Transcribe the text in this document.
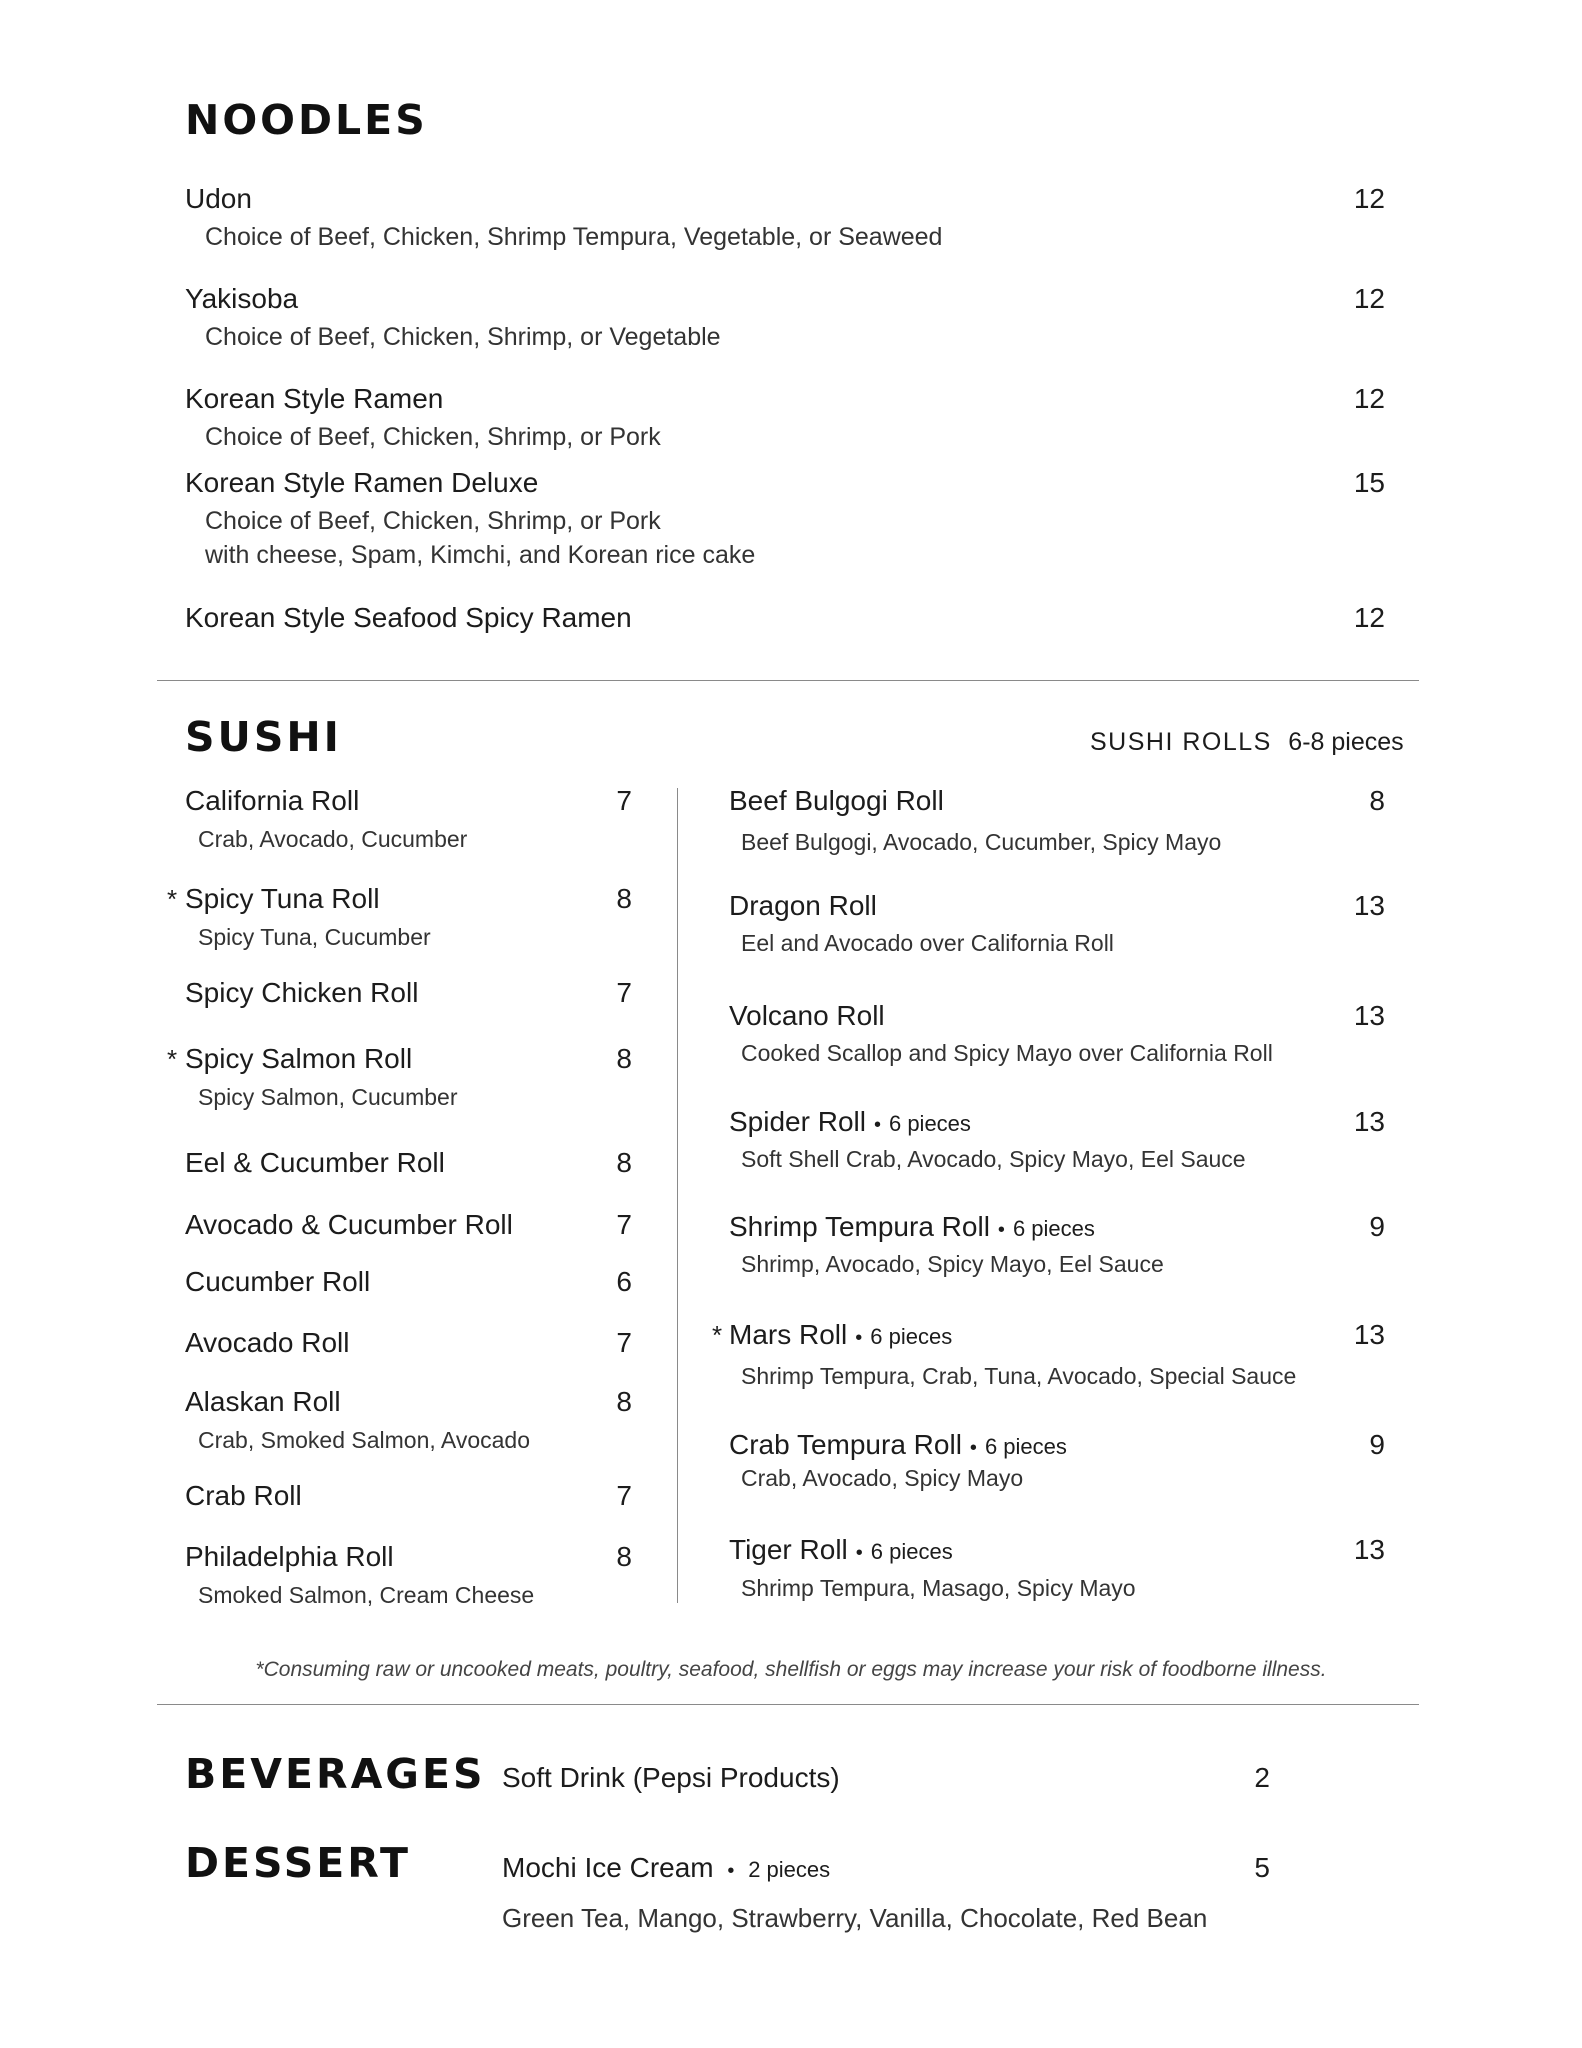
Udon	12
Choice of Beef, Chicken, Shrimp Tempura, Vegetable, or Seaweed
Yakisoba	12
Choice of Beef, Chicken, Shrimp, or Vegetable
Korean Style Ramen	12
Choice of Beef, Chicken, Shrimp, or Pork
Korean Style Ramen Deluxe	15
Choice of Beef, Chicken, Shrimp, or Pork
with cheese, Spam, Kimchi, and Korean rice cake
Korean Style Seafood Spicy Ramen	12
California Roll	7
Crab, Avocado, Cucumber
* Spicy Tuna Roll	8
Spicy Tuna, Cucumber
Spicy Chicken Roll	7
* Spicy Salmon Roll	8
Spicy Salmon, Cucumber
Eel & Cucumber Roll	8
Avocado & Cucumber Roll	7
Cucumber Roll	6
Avocado Roll	7
Alaskan Roll	8
Crab, Smoked Salmon, Avocado
Crab Roll	7
Philadelphia Roll	8
Smoked Salmon, Cream Cheese
Beef Bulgogi Roll	8
Beef Bulgogi, Avocado, Cucumber, Spicy Mayo
Dragon Roll	13
Eel and Avocado over California Roll
Volcano Roll	13
Cooked Scallop and Spicy Mayo over California Roll
Spider Roll • 6 pieces	13
Soft Shell Crab, Avocado, Spicy Mayo, Eel Sauce
Shrimp Tempura Roll • 6 pieces	9
Shrimp, Avocado, Spicy Mayo, Eel Sauce
* Mars Roll • 6 pieces	13
Shrimp Tempura, Crab, Tuna, Avocado, Special Sauce
Crab Tempura Roll • 6 pieces	9
Crab, Avocado, Spicy Mayo
Tiger Roll • 6 pieces	13
Shrimp Tempura, Masago, Spicy Mayo
NOODLES
SUSHI	SUSHI ROLLS 6-8 pieces
*Consuming raw or uncooked meats, poultry, seafood, shellfish or eggs may increase your risk of foodborne illness.
BEVERAGES Soft Drink (Pepsi Products)	2
DESSERT	Mochi Ice Cream • 2 pieces	5
Green Tea, Mango, Strawberry, Vanilla, Chocolate, Red Bean
